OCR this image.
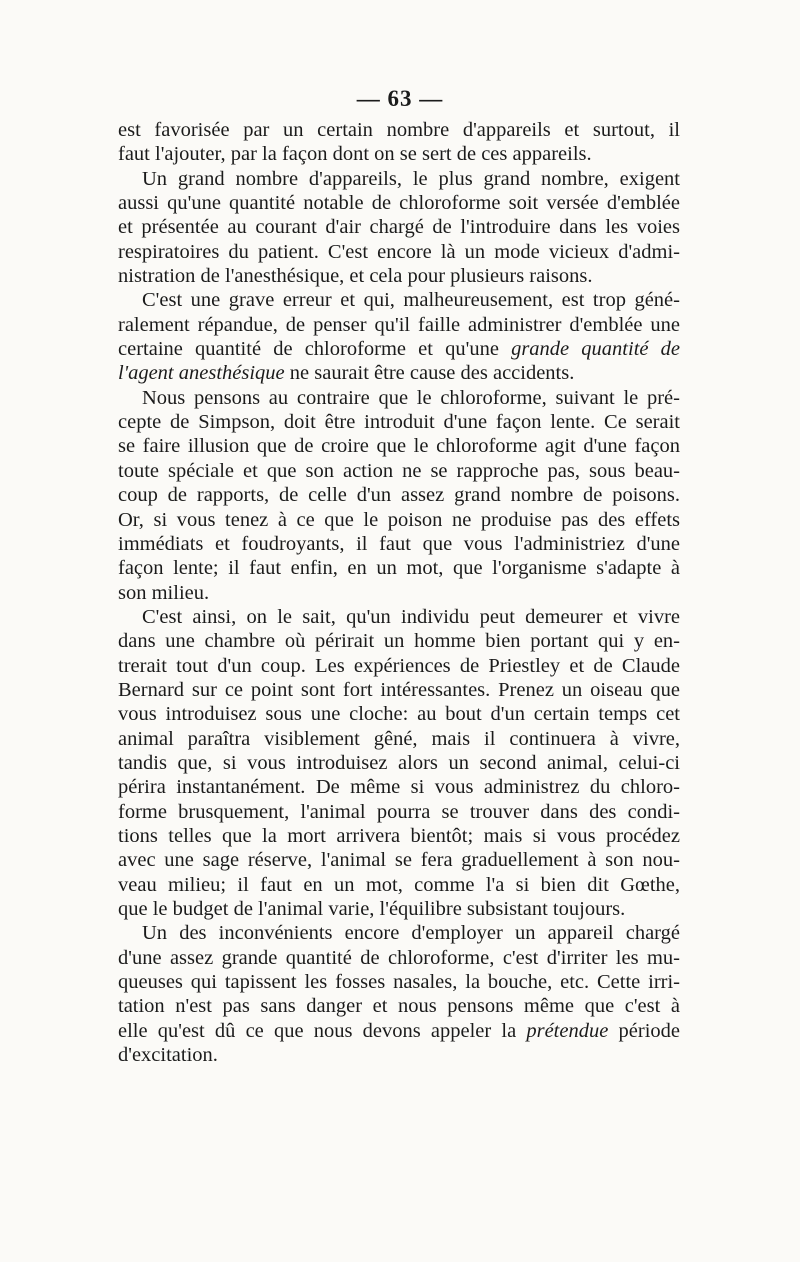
— 63 —
est favorisée par un certain nombre d'appareils et surtout, il
faut l'ajouter, par la façon dont on se sert de ces appareils.
Un grand nombre d'appareils, le plus grand nombre, exigent
aussi qu'une quantité notable de chloroforme soit versée d'emblée
et présentée au courant d'air chargé de l'introduire dans les voies
respiratoires du patient. C'est encore là un mode vicieux d'admi-
nistration de l'anesthésique, et cela pour plusieurs raisons.
C'est une grave erreur et qui, malheureusement, est trop géné-
ralement répandue, de penser qu'il faille administrer d'emblée une
certaine quantité de chloroforme et qu'une grande quantité de
l'agent anesthésique ne saurait être cause des accidents.
Nous pensons au contraire que le chloroforme, suivant le pré-
cepte de Simpson, doit être introduit d'une façon lente. Ce serait
se faire illusion que de croire que le chloroforme agit d'une façon
toute spéciale et que son action ne se rapproche pas, sous beau-
coup de rapports, de celle d'un assez grand nombre de poisons.
Or, si vous tenez à ce que le poison ne produise pas des effets
immédiats et foudroyants, il faut que vous l'administriez d'une
façon lente; il faut enfin, en un mot, que l'organisme s'adapte à
son milieu.
C'est ainsi, on le sait, qu'un individu peut demeurer et vivre
dans une chambre où périrait un homme bien portant qui y en-
trerait tout d'un coup. Les expériences de Priestley et de Claude
Bernard sur ce point sont fort intéressantes. Prenez un oiseau que
vous introduisez sous une cloche: au bout d'un certain temps cet
animal paraîtra visiblement gêné, mais il continuera à vivre,
tandis que, si vous introduisez alors un second animal, celui-ci
périra instantanément. De même si vous administrez du chloro-
forme brusquement, l'animal pourra se trouver dans des condi-
tions telles que la mort arrivera bientôt; mais si vous procédez
avec une sage réserve, l'animal se fera graduellement à son nou-
veau milieu; il faut en un mot, comme l'a si bien dit Gœthe,
que le budget de l'animal varie, l'équilibre subsistant toujours.
Un des inconvénients encore d'employer un appareil chargé
d'une assez grande quantité de chloroforme, c'est d'irriter les mu-
queuses qui tapissent les fosses nasales, la bouche, etc. Cette irri-
tation n'est pas sans danger et nous pensons même que c'est à
elle qu'est dû ce que nous devons appeler la prétendue période
d'excitation.
